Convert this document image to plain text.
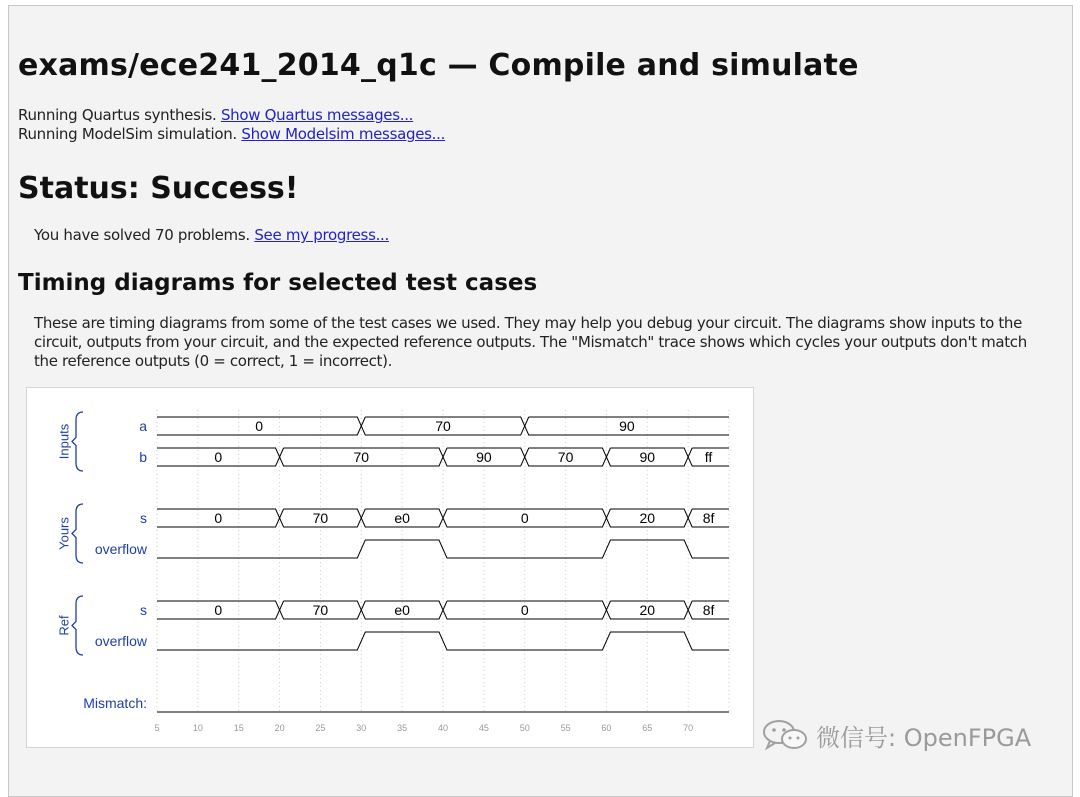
exams/ece241_2014_q1c — Compile and simulate
Running Quartus synthesis. Show Quartus messages...
Running ModelSim simulation. Show Modelsim messages...
Status: Success!
You have solved 70 problems. See my progress...
Timing diagrams for selected test cases
These are timing diagrams from some of the test cases we used. They may help you debug your circuit. The diagrams show inputs to the circuit, outputs from your circuit, and the expected reference outputs. The "Mismatch" trace shows which cycles your outputs don't match the reference outputs (0 = correct, 1 = incorrect).
5	10	15	20	25	30	35	40	45	50	55	60	65	70
Inputs	a
b
Yours	s
overflow
Ref
s
overflow
Mismatch:
0	70	90
0	70	90	70	90	ff
0	70	e0	0	20	8f
0	70	e0	0	20	8f
微信号: OpenFPGA
